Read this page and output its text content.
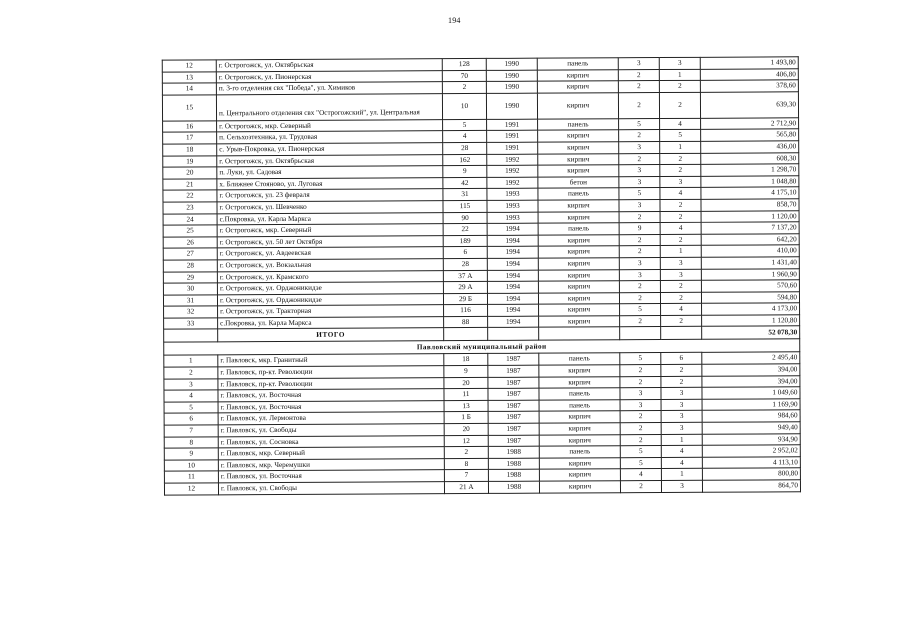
194
12	г. Острогожск, ул. Октябрьская	128	1990	панель	3	3	1 493,80
13	г. Острогожск, ул. Пионерская	70	1990	кирпич	2	1	406,80
14	п. 3-го отделения свх "Победа", ул. Химиков	2	1990	кирпич	2	2	378,60
15	п. Центрального отделения свх "Острогожский", ул. Центральная	10	1990	кирпич	2	2	639,30
16	г. Острогожск, мкр. Северный	5	1991	панель	5	4	2 712,90
17	п. Сельхозтехника, ул. Трудовая	4	1991	кирпич	2	5	565,80
18	с. Урыв-Покровка, ул. Пионерская	28	1991	кирпич	3	1	436,00
19	г. Острогожск, ул. Октябрьская	162	1992	кирпич	2	2	608,30
20	п. Луки, ул. Садовая	9	1992	кирпич	3	2	1 298,70
21	х. Ближнее Стояново, ул. Луговая	42	1992	бетон	3	3	1 048,80
22	г. Острогожск, ул. 23 февраля	31	1993	панель	5	4	4 175,10
23	г. Острогожск, ул. Шевченко	115	1993	кирпич	3	2	858,70
24	с.Покровка, ул. Карла Маркса	90	1993	кирпич	2	2	1 120,00
25	г. Острогожск, мкр. Северный	22	1994	панель	9	4	7 137,20
26	г. Острогожск, ул. 50 лет Октября	189	1994	кирпич	2	2	642,20
27	г. Острогожск, ул. Авдеевская	6	1994	кирпич	2	1	410,00
28	г. Острогожск, ул. Вокзальная	28	1994	кирпич	3	3	1 431,40
29	г. Острогожск, ул. Крамского	37 А	1994	кирпич	3	3	1 960,90
30	г. Острогожск, ул. Орджоникидзе	29 А	1994	кирпич	2	2	570,60
31	г. Острогожск, ул. Орджоникидзе	29 Б	1994	кирпич	2	2	594,80
32	г. Острогожск, ул. Тракторная	116	1994	кирпич	5	4	4 173,00
33	с.Покровка, ул. Карла Маркса	88	1994	кирпич	2	2	1 120,80
	ИТОГО						52 078,30
Павловский муниципальный район							
1	г. Павловск, мкр. Гранитный	18	1987	панель	5	6	2 495,40
2	г. Павловск, пр-кт. Революции	9	1987	кирпич	2	2	394,00
3	г. Павловск, пр-кт. Революции	20	1987	кирпич	2	2	394,00
4	г. Павловск, ул. Восточная	11	1987	панель	3	3	1 049,60
5	г. Павловск, ул. Восточная	13	1987	панель	3	3	1 169,90
6	г. Павловск, ул. Лермонтова	1 Б	1987	кирпич	2	3	984,60
7	г. Павловск, ул. Свободы	20	1987	кирпич	2	3	949,40
8	г. Павловск, ул. Сосновка	12	1987	кирпич	2	1	934,90
9	г. Павловск, мкр. Северный	2	1988	панель	5	4	2 952,02
10	г. Павловск, мкр. Черемушки	8	1988	кирпич	5	4	4 113,10
11	г. Павловск, ул. Восточная	7	1988	кирпич	4	1	800,80
12	г. Павловск, ул. Свободы	21 А	1988	кирпич	2	3	864,70
